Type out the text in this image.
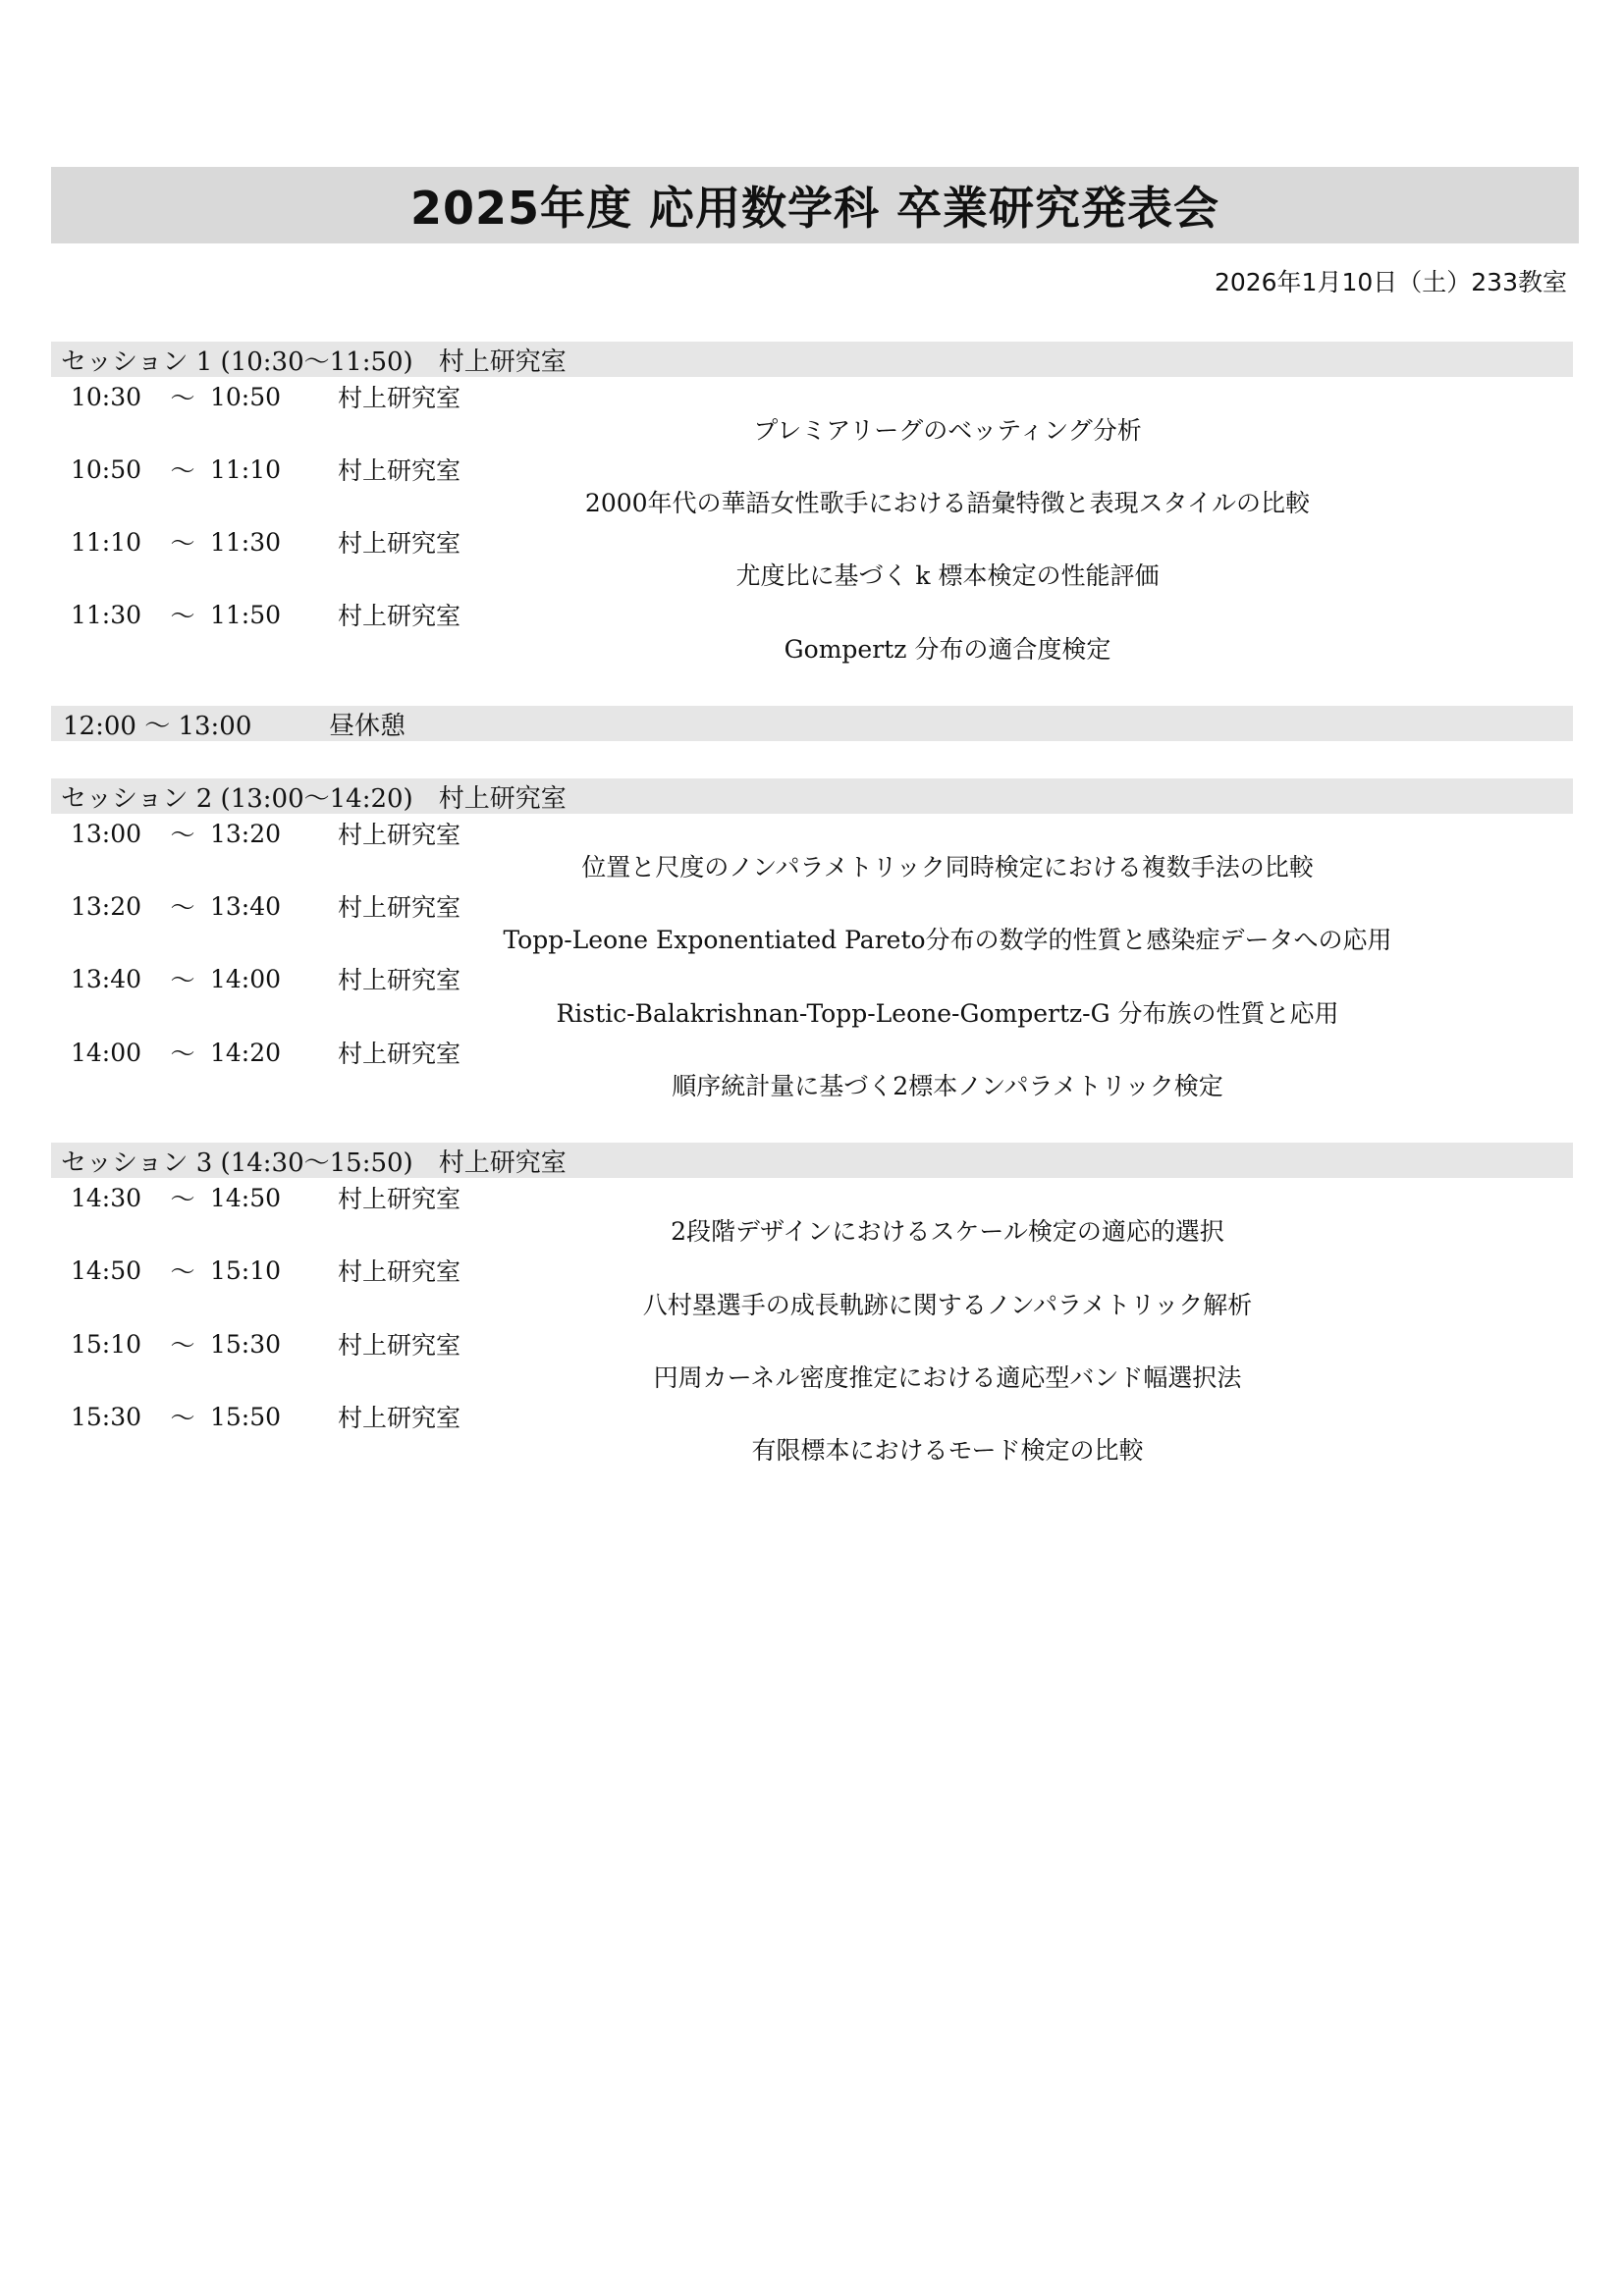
2025年度 応用数学科 卒業研究発表会
2026年1月10日（土）233教室
セッション 1 (10:30〜11:50)　村上研究室
10:30	〜 10:50	村上研究室
プレミアリーグのベッティング分析
10:50	〜 11:10	村上研究室
2000年代の華語女性歌手における語彙特徴と表現スタイルの比較
11:10	〜 11:30	村上研究室
尤度比に基づく k 標本検定の性能評価
11:30	〜 11:50	村上研究室
Gompertz 分布の適合度検定
12:00 〜 13:00	昼休憩
セッション 2 (13:00〜14:20)　村上研究室
13:00	〜 13:20	村上研究室
位置と尺度のノンパラメトリック同時検定における複数手法の比較
13:20	〜 13:40	村上研究室
Topp-Leone Exponentiated Pareto分布の数学的性質と感染症データへの応用
13:40	〜 14:00	村上研究室
Ristic-Balakrishnan-Topp-Leone-Gompertz-G 分布族の性質と応用
14:00	〜 14:20	村上研究室
順序統計量に基づく2標本ノンパラメトリック検定
セッション 3 (14:30〜15:50)　村上研究室
14:30	〜 14:50	村上研究室
2段階デザインにおけるスケール検定の適応的選択
14:50	〜 15:10	村上研究室
八村塁選手の成長軌跡に関するノンパラメトリック解析
15:10	〜 15:30	村上研究室
円周カーネル密度推定における適応型バンド幅選択法
15:30	〜 15:50	村上研究室
有限標本におけるモード検定の比較
